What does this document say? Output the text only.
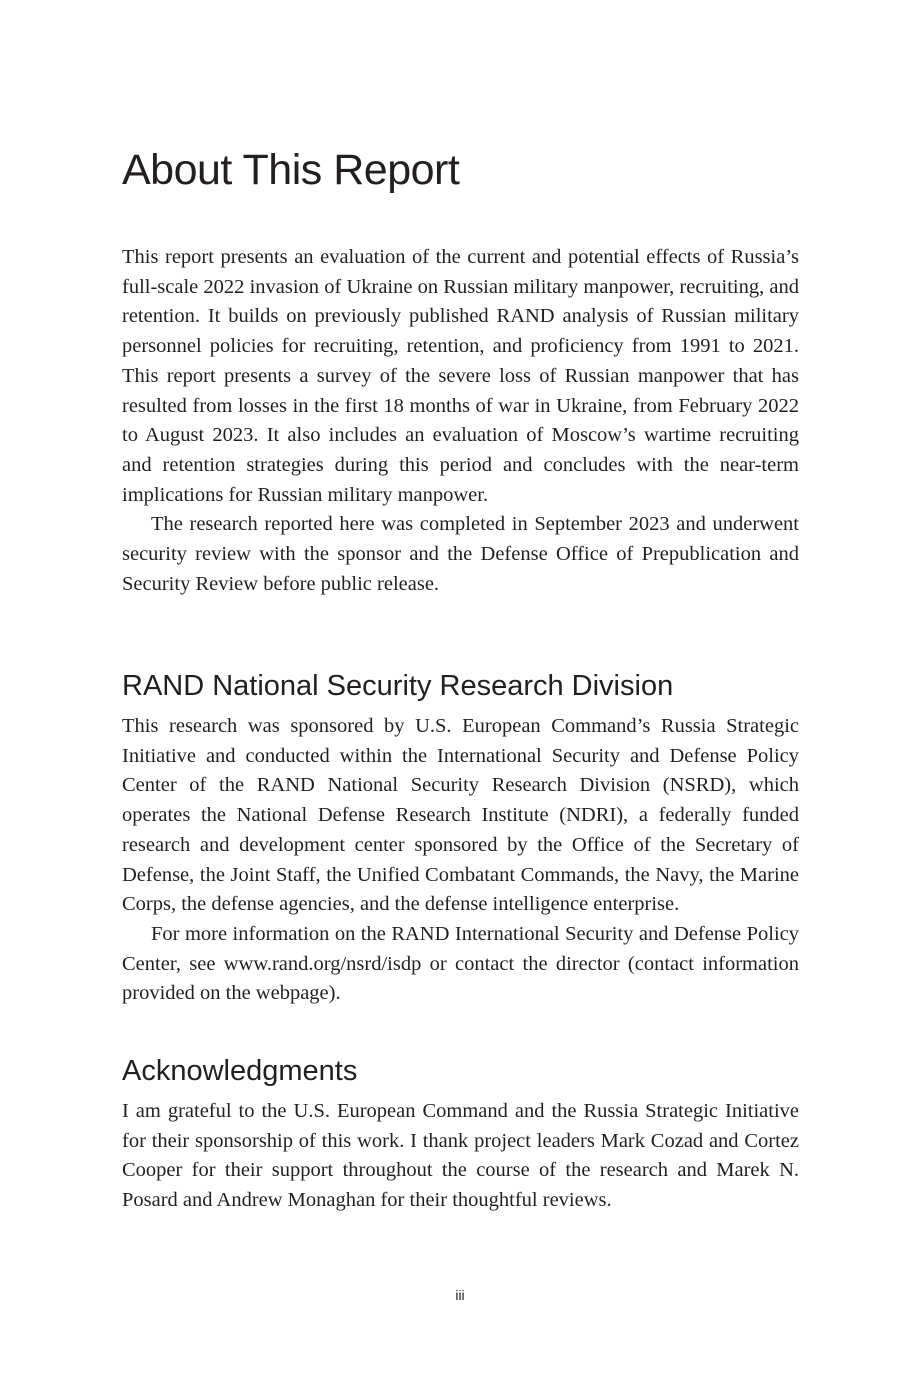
About This Report

This report presents an evaluation of the current and potential effects of Russia’s full-scale 2022 invasion of Ukraine on Russian military manpower, recruiting, and retention. It builds on previously published RAND analysis of Russian military personnel policies for recruiting, retention, and proficiency from 1991 to 2021. This report presents a survey of the severe loss of Russian manpower that has resulted from losses in the first 18 months of war in Ukraine, from February 2022 to August 2023. It also includes an evaluation of Moscow’s wartime recruiting and retention strategies during this period and concludes with the near-term implications for Russian military manpower.

The research reported here was completed in September 2023 and underwent security review with the sponsor and the Defense Office of Prepublication and Security Review before public release.

RAND National Security Research Division

This research was sponsored by U.S. European Command’s Russia Strategic Initiative and conducted within the International Security and Defense Policy Center of the RAND National Security Research Division (NSRD), which operates the National Defense Research Institute (NDRI), a federally funded research and development center sponsored by the Office of the Secretary of Defense, the Joint Staff, the Unified Combatant Commands, the Navy, the Marine Corps, the defense agencies, and the defense intelligence enterprise.

For more information on the RAND International Security and Defense Policy Center, see www.rand.org/nsrd/isdp or contact the director (contact information provided on the webpage).

Acknowledgments

I am grateful to the U.S. European Command and the Russia Strategic Initiative for their sponsorship of this work. I thank project leaders Mark Cozad and Cortez Cooper for their support throughout the course of the research and Marek N. Posard and Andrew Monaghan for their thoughtful reviews.

iii
